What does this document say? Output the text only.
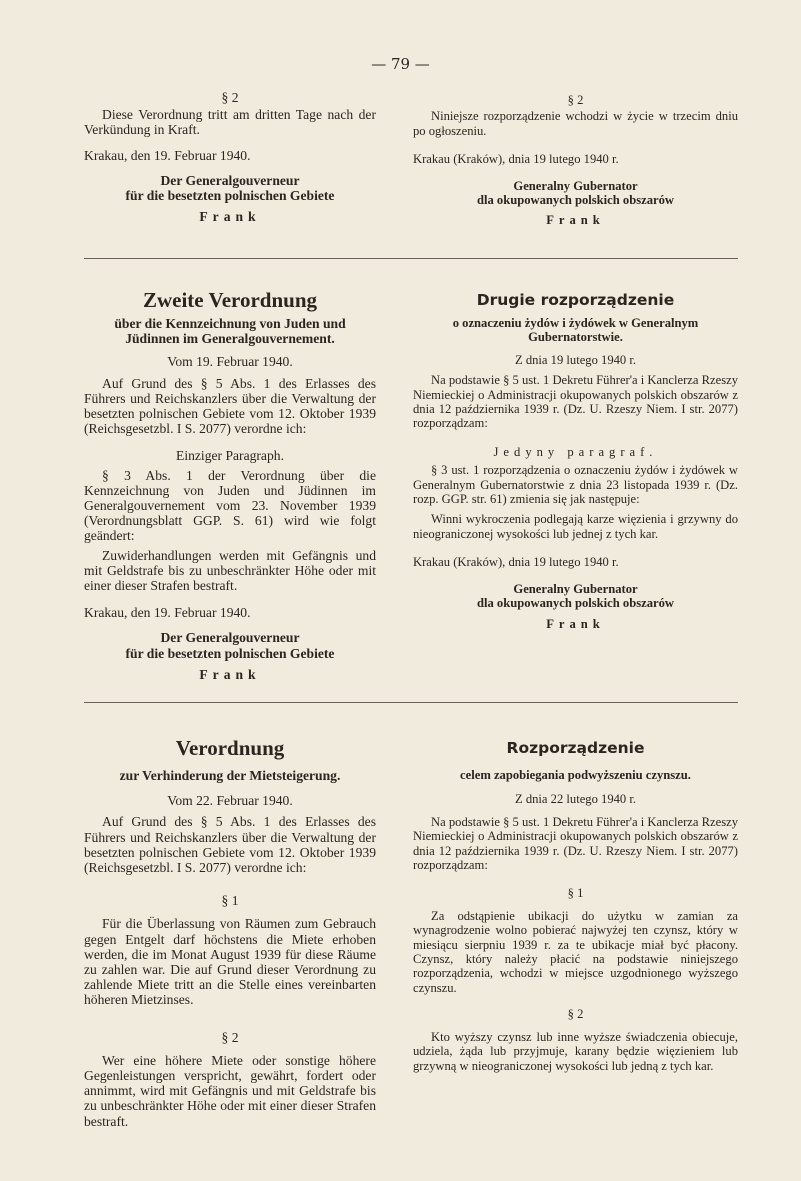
— 79 —
§ 2
Diese Verordnung tritt am dritten Tage nach der Verkündung in Kraft.
Krakau, den 19. Februar 1940.
Der Generalgouverneur
für die besetzten polnischen Gebiete
Frank
§ 2
Niniejsze rozporządzenie wchodzi w życie w trzecim dniu po ogłoszeniu.
Krakau (Kraków), dnia 19 lutego 1940 r.
Generalny Gubernator
dla okupowanych polskich obszarów
Frank
Zweite Verordnung
über die Kennzeichnung von Juden und Jüdinnen im Generalgouvernement.
Vom 19. Februar 1940.
Auf Grund des § 5 Abs. 1 des Erlasses des Führers und Reichskanzlers über die Verwaltung der besetzten polnischen Gebiete vom 12. Oktober 1939 (Reichsgesetzbl. I S. 2077) verordne ich:
Einziger Paragraph.
§ 3 Abs. 1 der Verordnung über die Kennzeichnung von Juden und Jüdinnen im Generalgouvernement vom 23. November 1939 (Verordnungsblatt GGP. S. 61) wird wie folgt geändert:
Zuwiderhandlungen werden mit Gefängnis und mit Geldstrafe bis zu unbeschränkter Höhe oder mit einer dieser Strafen bestraft.
Krakau, den 19. Februar 1940.
Der Generalgouverneur
für die besetzten polnischen Gebiete
Frank
Drugie rozporządzenie
o oznaczeniu żydów i żydówek w Generalnym Gubernatorstwie.
Z dnia 19 lutego 1940 r.
Na podstawie § 5 ust. 1 Dekretu Führer'a i Kanclerza Rzeszy Niemieckiej o Administracji okupowanych polskich obszarów z dnia 12 października 1939 r. (Dz. U. Rzeszy Niem. I str. 2077) rozporządzam:
Jedyny paragraf.
§ 3 ust. 1 rozporządzenia o oznaczeniu żydów i żydówek w Generalnym Gubernatorstwie z dnia 23 listopada 1939 r. (Dz. rozp. GGP. str. 61) zmienia się jak następuje:
Winni wykroczenia podlegają karze więzienia i grzywny do nieograniczonej wysokości lub jednej z tych kar.
Krakau (Kraków), dnia 19 lutego 1940 r.
Generalny Gubernator
dla okupowanych polskich obszarów
Frank
Verordnung
zur Verhinderung der Mietsteigerung.
Vom 22. Februar 1940.
Auf Grund des § 5 Abs. 1 des Erlasses des Führers und Reichskanzlers über die Verwaltung der besetzten polnischen Gebiete vom 12. Oktober 1939 (Reichsgesetzbl. I S. 2077) verordne ich:
§ 1
Für die Überlassung von Räumen zum Gebrauch gegen Entgelt darf höchstens die Miete erhoben werden, die im Monat August 1939 für diese Räume zu zahlen war. Die auf Grund dieser Verordnung zu zahlende Miete tritt an die Stelle eines vereinbarten höheren Mietzinses.
§ 2
Wer eine höhere Miete oder sonstige höhere Gegenleistungen verspricht, gewährt, fordert oder annimmt, wird mit Gefängnis und mit Geldstrafe bis zu unbeschränkter Höhe oder mit einer dieser Strafen bestraft.
Rozporządzenie
celem zapobiegania podwyższeniu czynszu.
Z dnia 22 lutego 1940 r.
Na podstawie § 5 ust. 1 Dekretu Führer'a i Kanclerza Rzeszy Niemieckiej o Administracji okupowanych polskich obszarów z dnia 12 października 1939 r. (Dz. U. Rzeszy Niem. I str. 2077) rozporządzam:
§ 1
Za odstąpienie ubikacji do użytku w zamian za wynagrodzenie wolno pobierać najwyżej ten czynsz, który w miesiącu sierpniu 1939 r. za te ubikacje miał być płacony. Czynsz, który należy płacić na podstawie niniejszego rozporządzenia, wchodzi w miejsce uzgodnionego wyższego czynszu.
§ 2
Kto wyższy czynsz lub inne wyższe świadczenia obiecuje, udziela, żąda lub przyjmuje, karany będzie więzieniem lub grzywną w nieograniczonej wysokości lub jedną z tych kar.
